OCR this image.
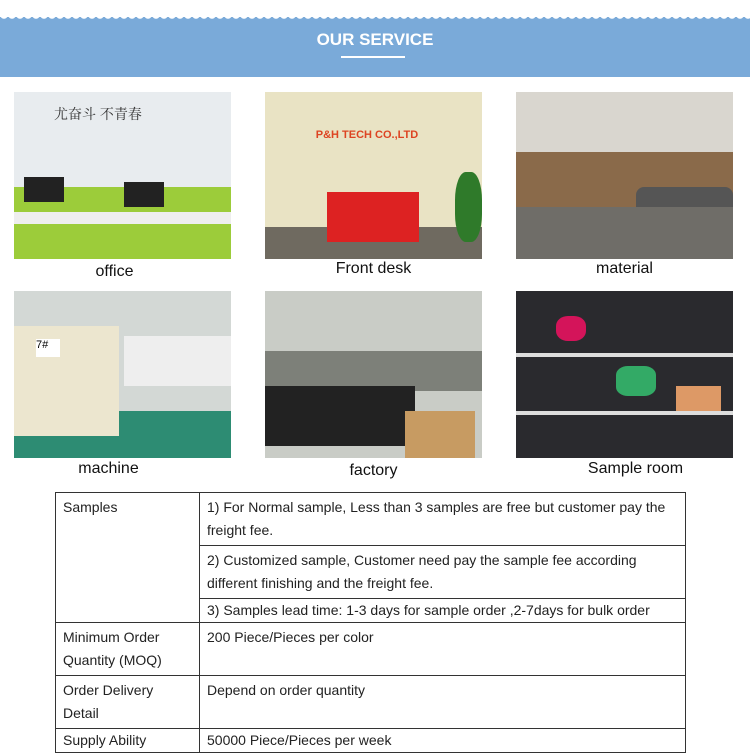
OUR SERVICE
尤奋斗 不青春
office
P&H TECH CO.,LTD
Front desk	material
7#
machine	factory	Sample room
Samples	1) For Normal sample, Less than 3 samples are free but customer pay the freight fee.
	2) Customized sample, Customer need pay the sample fee according different finishing and the freight fee.
	3) Samples lead time: 1-3 days for sample order ,2-7days for bulk order
Minimum Order Quantity (MOQ)	200 Piece/Pieces per color
Order Delivery Detail	Depend on order quantity
Supply Ability	50000 Piece/Pieces per week
